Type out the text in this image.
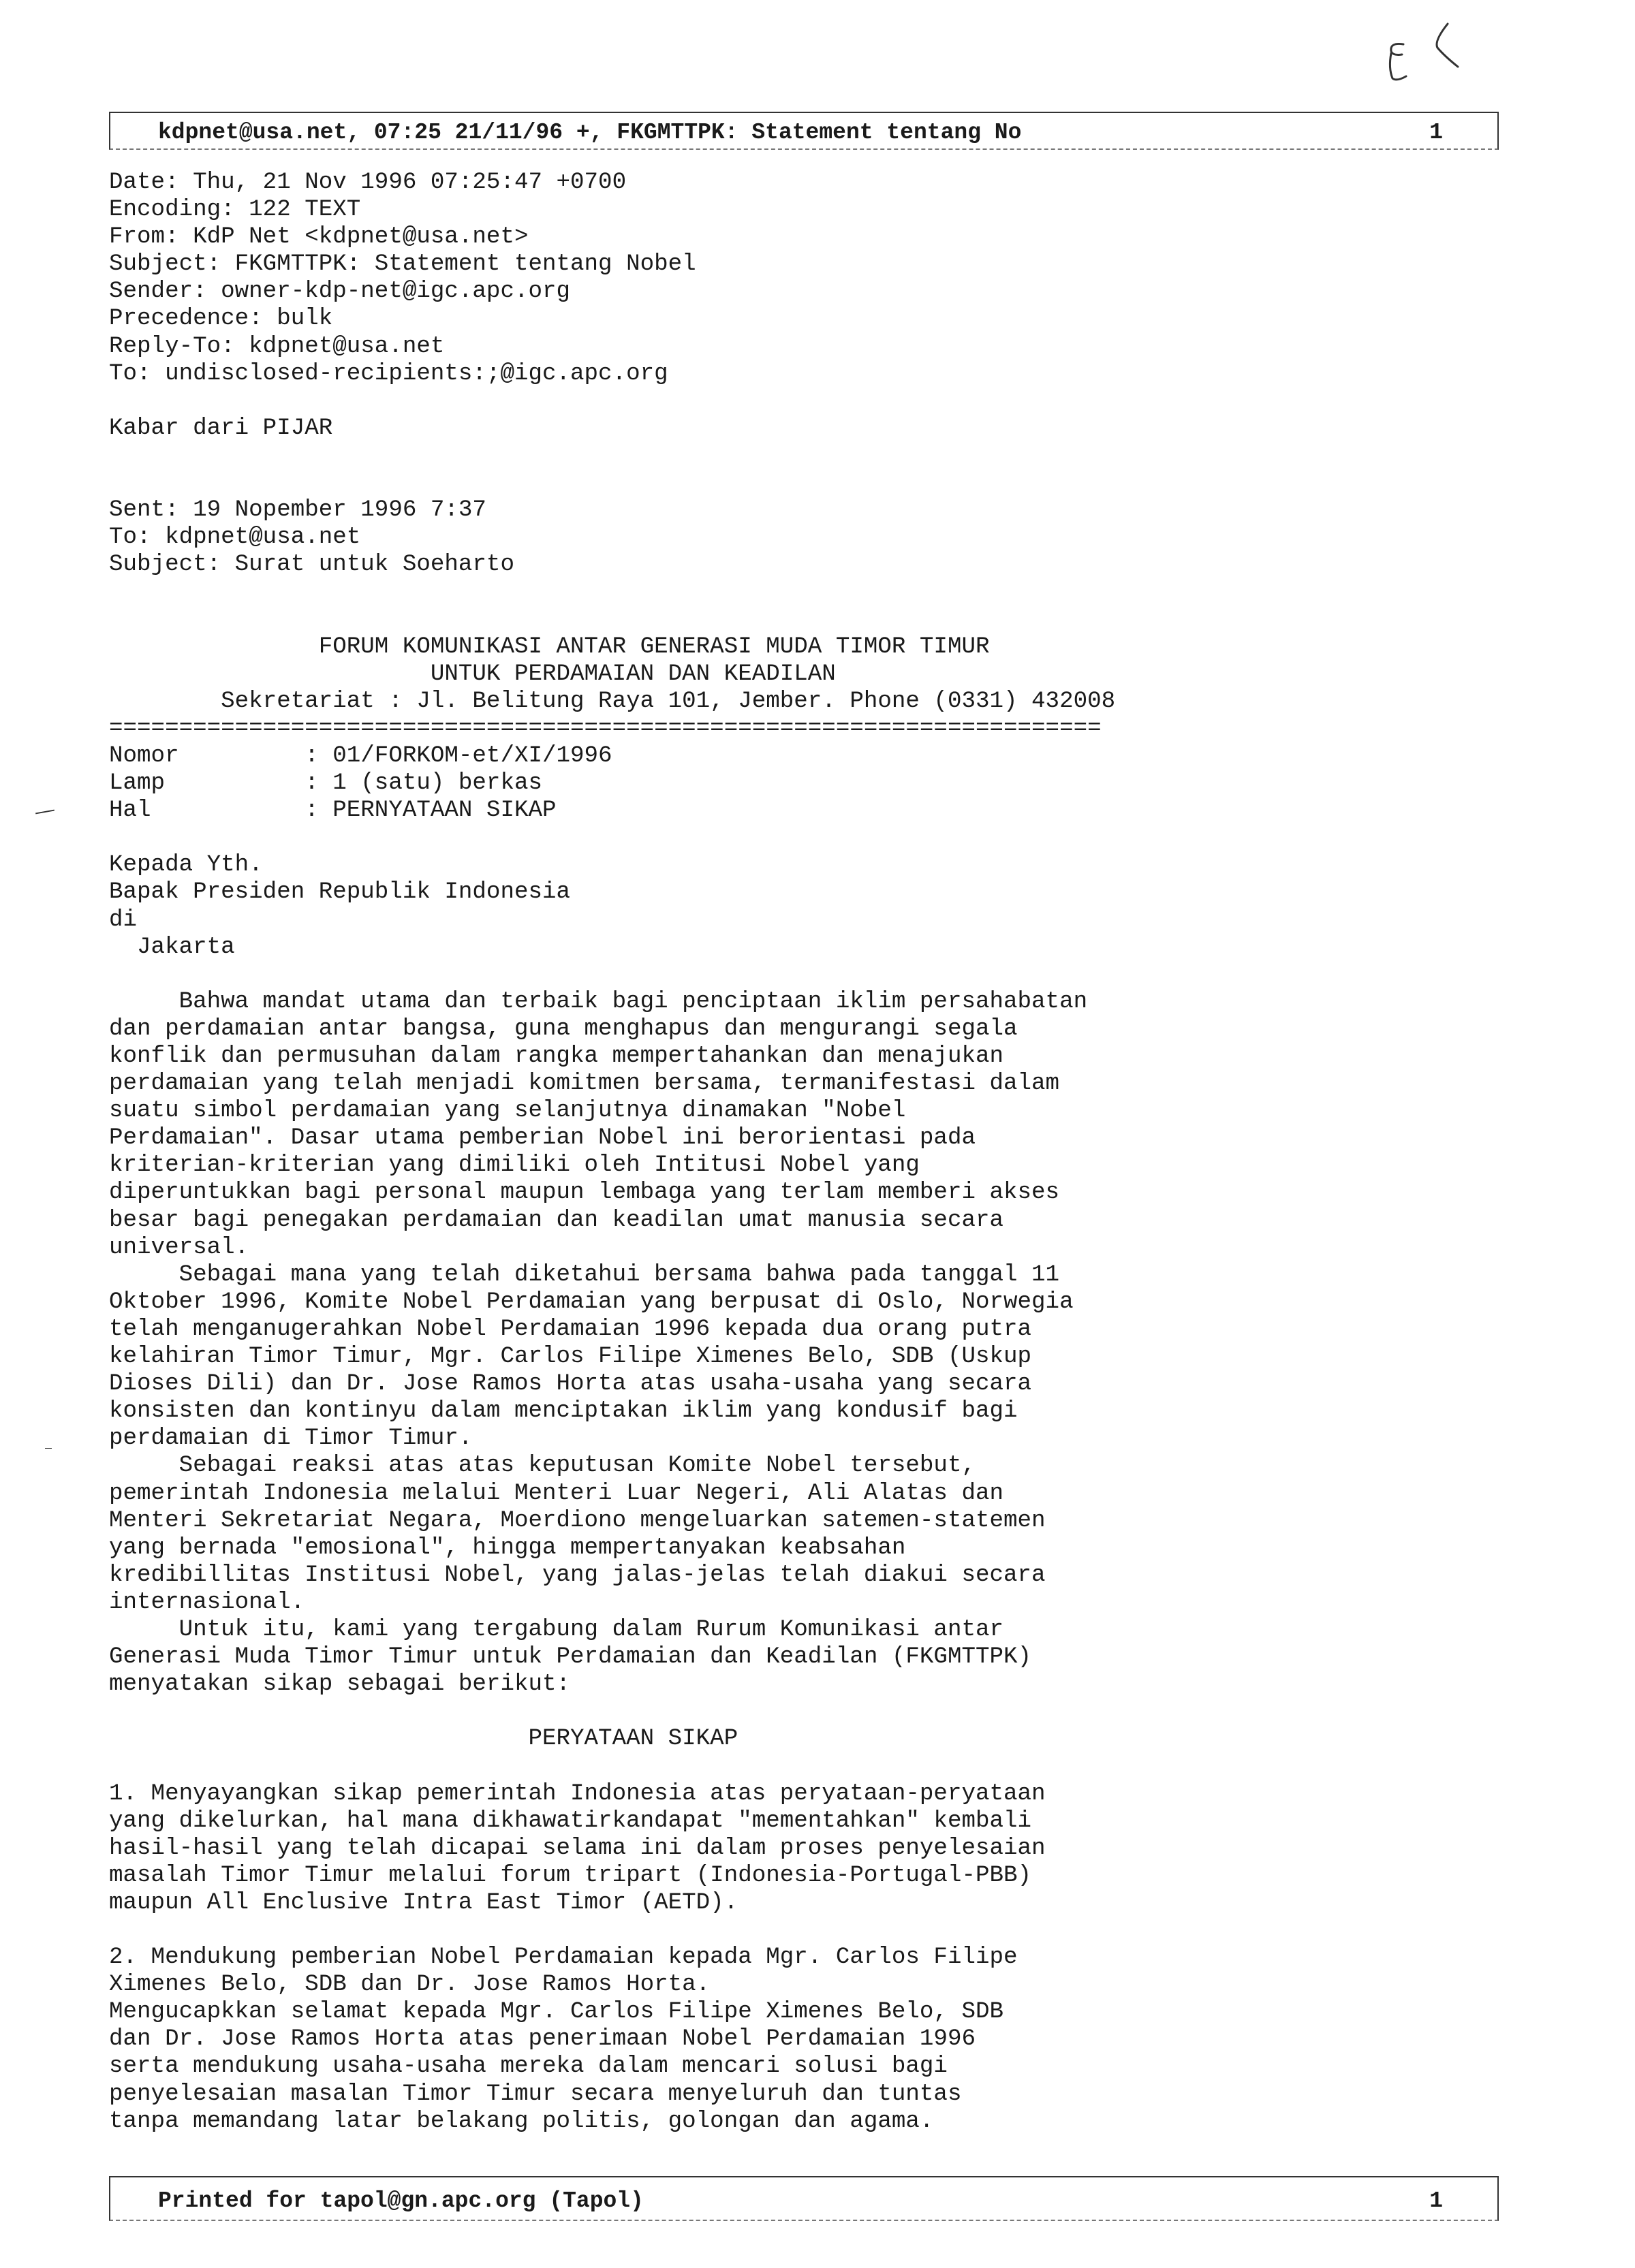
kdpnet@usa.net, 07:25 21/11/96 +, FKGMTTPK: Statement tentang No	1
Date: Thu, 21 Nov 1996 07:25:47 +0700
Encoding: 122 TEXT
From: KdP Net <kdpnet@usa.net>
Subject: FKGMTTPK: Statement tentang Nobel
Sender: owner-kdp-net@igc.apc.org
Precedence: bulk
Reply-To: kdpnet@usa.net
To: undisclosed-recipients:;@igc.apc.org
Kabar dari PIJAR
Sent: 19 Nopember 1996 7:37
To: kdpnet@usa.net
Subject: Surat untuk Soeharto
FORUM KOMUNIKASI ANTAR GENERASI MUDA TIMOR TIMUR
UNTUK PERDAMAIAN DAN KEADILAN
Sekretariat : Jl. Belitung Raya 101, Jember. Phone (0331) 432008
=======================================================================
Nomor         : 01/FORKOM-et/XI/1996
Lamp          : 1 (satu) berkas
Hal           : PERNYATAAN SIKAP
Kepada Yth.
Bapak Presiden Republik Indonesia
di
Jakarta
Bahwa mandat utama dan terbaik bagi penciptaan iklim persahabatan
dan perdamaian antar bangsa, guna menghapus dan mengurangi segala
konflik dan permusuhan dalam rangka mempertahankan dan menajukan
perdamaian yang telah menjadi komitmen bersama, termanifestasi dalam
suatu simbol perdamaian yang selanjutnya dinamakan "Nobel
Perdamaian". Dasar utama pemberian Nobel ini berorientasi pada
kriterian-kriterian yang dimiliki oleh Intitusi Nobel yang
diperuntukkan bagi personal maupun lembaga yang terlam memberi akses
besar bagi penegakan perdamaian dan keadilan umat manusia secara
universal.
Sebagai mana yang telah diketahui bersama bahwa pada tanggal 11
Oktober 1996, Komite Nobel Perdamaian yang berpusat di Oslo, Norwegia
telah menganugerahkan Nobel Perdamaian 1996 kepada dua orang putra
kelahiran Timor Timur, Mgr. Carlos Filipe Ximenes Belo, SDB (Uskup
Dioses Dili) dan Dr. Jose Ramos Horta atas usaha-usaha yang secara
konsisten dan kontinyu dalam menciptakan iklim yang kondusif bagi
perdamaian di Timor Timur.
Sebagai reaksi atas atas keputusan Komite Nobel tersebut,
pemerintah Indonesia melalui Menteri Luar Negeri, Ali Alatas dan
Menteri Sekretariat Negara, Moerdiono mengeluarkan satemen-statemen
yang bernada "emosional", hingga mempertanyakan keabsahan
kredibillitas Institusi Nobel, yang jalas-jelas telah diakui secara
internasional.
Untuk itu, kami yang tergabung dalam Rurum Komunikasi antar
Generasi Muda Timor Timur untuk Perdamaian dan Keadilan (FKGMTTPK)
menyatakan sikap sebagai berikut:
PERYATAAN SIKAP
1. Menyayangkan sikap pemerintah Indonesia atas peryataan-peryataan
yang dikelurkan, hal mana dikhawatirkandapat "mementahkan" kembali
hasil-hasil yang telah dicapai selama ini dalam proses penyelesaian
masalah Timor Timur melalui forum tripart (Indonesia-Portugal-PBB)
maupun All Enclusive Intra East Timor (AETD).
2. Mendukung pemberian Nobel Perdamaian kepada Mgr. Carlos Filipe
Ximenes Belo, SDB dan Dr. Jose Ramos Horta.
Mengucapkkan selamat kepada Mgr. Carlos Filipe Ximenes Belo, SDB
dan Dr. Jose Ramos Horta atas penerimaan Nobel Perdamaian 1996
serta mendukung usaha-usaha mereka dalam mencari solusi bagi
penyelesaian masalan Timor Timur secara menyeluruh dan tuntas
tanpa memandang latar belakang politis, golongan dan agama.
Printed for tapol@gn.apc.org (Tapol)	1
